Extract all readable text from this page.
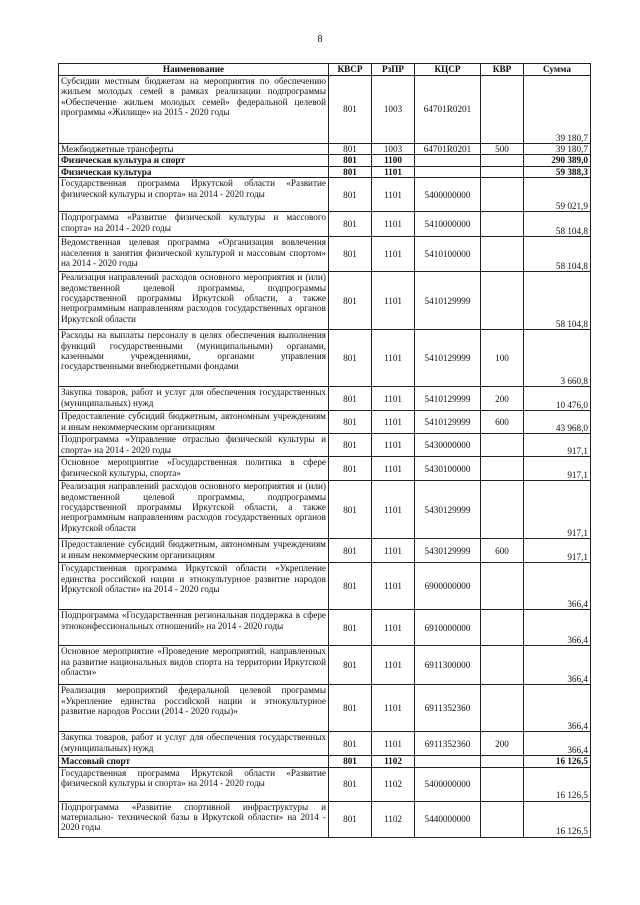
8
Наименование	КВСР	РзПР	КЦСР	КВР	Сумма
Субсидии местным бюджетам на мероприятия по обеспечению жильем молодых семей в рамках реализации подпрограммы «Обеспечение жильем молодых семей» федеральной целевой программы «Жилище» на 2015 - 2020 годы	801	1003	64701R0201		39 180,7
Межбюджетные трансферты	801	1003	64701R0201	500	39 180,7
Физическая культура и спорт	801	1100			290 389,0
Физическая культура	801	1101			59 388,3
Государственная программа Иркутской области «Развитие физической культуры и спорта» на 2014 - 2020 годы	801	1101	5400000000		59 021,9
Подпрограмма «Развитие физической культуры и массового спорта» на 2014 - 2020 годы	801	1101	5410000000		58 104,8
Ведомственная целевая программа «Организация вовлечения населения в занятия физической культурой и массовым спортом» на 2014 - 2020 годы	801	1101	5410100000		58 104,8
Реализация направлений расходов основного мероприятия и (или) ведомственной целевой программы, подпрограммы государственной программы Иркутской области, а также непрограммным направлениям расходов государственных органов Иркутской области	801	1101	5410129999		58 104,8
Расходы на выплаты персоналу в целях обеспечения выполнения функций государственными (муниципальными) органами, казенными учреждениями, органами управления государственными внебюджетными фондами	801	1101	5410129999	100	3 660,8
Закупка товаров, работ и услуг для обеспечения государственных (муниципальных) нужд	801	1101	5410129999	200	10 476,0
Предоставление субсидий бюджетным, автономным учреждениям и иным некоммерческим организациям	801	1101	5410129999	600	43 968,0
Подпрограмма «Управление отраслью физической культуры и спорта» на 2014 - 2020 годы	801	1101	5430000000		917,1
Основное мероприятие «Государственная политика в сфере физической культуры, спорта»	801	1101	5430100000		917,1
Реализация направлений расходов основного мероприятия и (или) ведомственной целевой программы, подпрограммы государственной программы Иркутской области, а также непрограммным направлениям расходов государственных органов Иркутской области	801	1101	5430129999		917,1
Предоставление субсидий бюджетным, автономным учреждениям и иным некоммерческим организациям	801	1101	5430129999	600	917,1
Государственная программа Иркутской области «Укрепление единства российской нации и этнокультурное развитие народов Иркутской области» на 2014 - 2020 годы	801	1101	6900000000		366,4
Подпрограмма «Государственная региональная поддержка в сфере этноконфессиональных отношений» на 2014 - 2020 годы	801	1101	6910000000		366,4
Основное мероприятие «Проведение мероприятий, направленных на развитие национальных видов спорта на территории Иркутской области»	801	1101	6911300000		366,4
Реализация мероприятий федеральной целевой программы «Укрепление единства российской нации и этнокультурное развитие народов России (2014 - 2020 годы)»	801	1101	6911352360		366,4
Закупка товаров, работ и услуг для обеспечения государственных (муниципальных) нужд	801	1101	6911352360	200	366,4
Массовый спорт	801	1102			16 126,5
Государственная программа Иркутской области «Развитие физической культуры и спорта» на 2014 - 2020 годы	801	1102	5400000000		16 126,5
Подпрограмма «Развитие спортивной инфраструктуры и материально- технической базы в Иркутской области» на 2014 - 2020 годы	801	1102	5440000000		16 126,5
